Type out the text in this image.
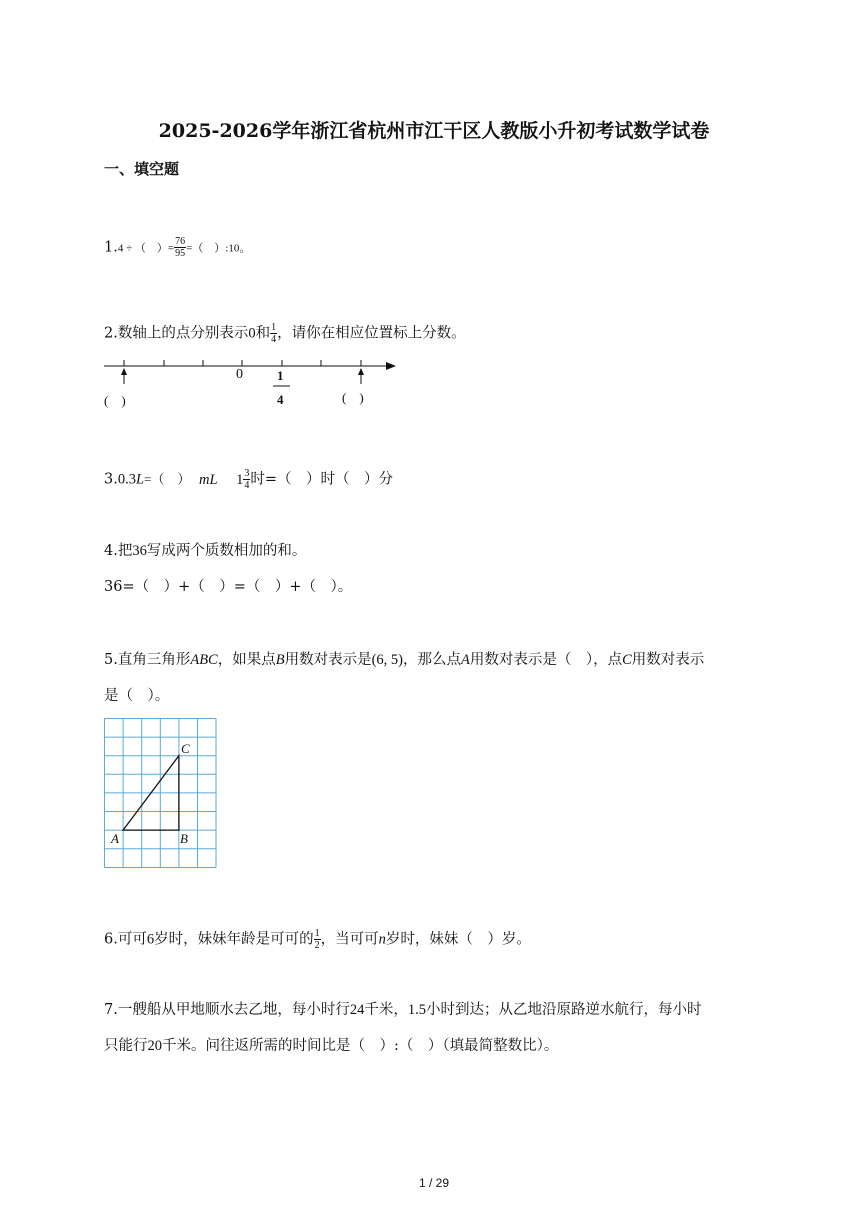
2025-2026学年浙江省杭州市江干区人教版小升初考试数学试卷
一、填空题
1.4 ÷ （　）= $\frac{76}{95}$ =（　）:10。
2.数轴上的点分别表示0和 $\frac{1}{4}$ ，请你在相应位置标上分数。
0	1
4
(　)	(　)
3.0.3L=（　） mL $1 \frac{3}{4}$ 时=（　）时（　）分
4.把36写成两个质数相加的和。
36=（　）+（　）=（　）+（　）。
5.直角三角形ABC，如果点B用数对表示是(6, 5)，那么点A用数对表示是（　），点C用数对表示
是（　）。
A	B
C
6.可可6岁时，妹妹年龄是可可的 $\frac{1}{2}$ ，当可可n岁时，妹妹（　）岁。
7.一艘船从甲地顺水去乙地，每小时行24千米，1.5小时到达；从乙地沿原路逆水航行，每小时
只能行20千米。问往返所需的时间比是（　）:（　）（填最简整数比）。
1 / 29
